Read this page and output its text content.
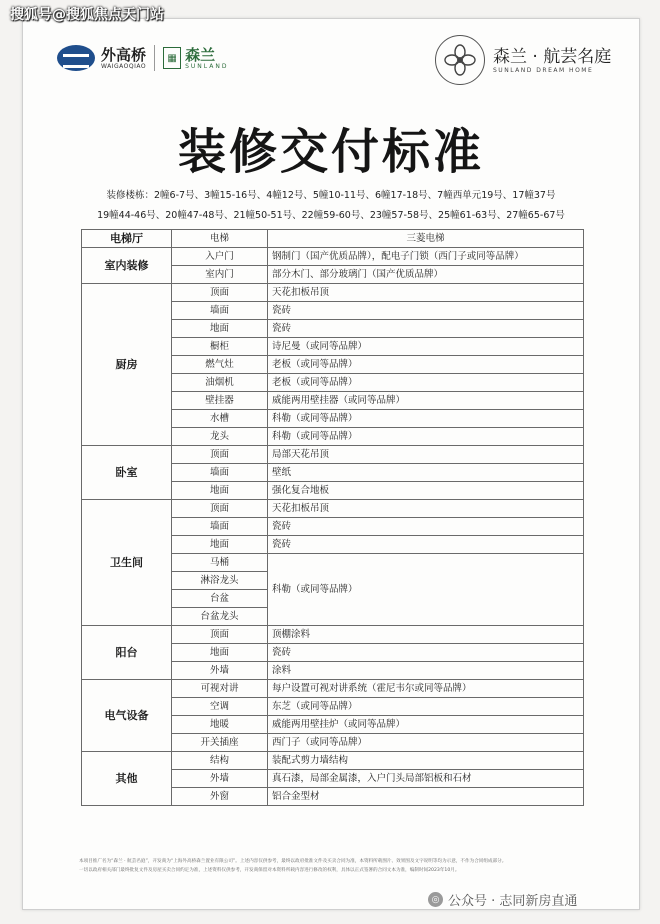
搜狐号@搜狐焦点天门站
外高桥
WAIGAOQIAO
▦ 森兰
SUNLAND	森兰 · 航芸名庭
SUNLAND DREAM HOME
装修交付标准
装修楼栋：2幢6-7号、3幢15-16号、4幢12号、5幢10-11号、6幢17-18号、7幢西单元19号、17幢37号
19幢44-46号、20幢47-48号、21幢50-51号、22幢59-60号、23幢57-58号、25幢61-63号、27幢65-67号
电梯厅	电梯	三菱电梯
室内装修	入户门	钢制门（国产优质品牌），配电子门锁（西门子或同等品牌）
	室内门	部分木门、部分玻璃门（国产优质品牌）
厨房	顶面	天花扣板吊顶
	墙面	瓷砖
	地面	瓷砖
	橱柜	诗尼曼（或同等品牌）
	燃气灶	老板（或同等品牌）
	油烟机	老板（或同等品牌）
	壁挂器	威能两用壁挂器（或同等品牌）
	水槽	科勒（或同等品牌）
	龙头	科勒（或同等品牌）
卧室	顶面	局部天花吊顶
	墙面	壁纸
	地面	强化复合地板
卫生间	顶面	天花扣板吊顶
	墙面	瓷砖
	地面	瓷砖
	马桶	科勒（或同等品牌）
	淋浴龙头	
	台盆	
	台盆龙头	
阳台	顶面	顶棚涂料
	地面	瓷砖
	外墙	涂料
电气设备	可视对讲	每户设置可视对讲系统（霍尼韦尔或同等品牌）
	空调	东芝（或同等品牌）
	地暖	威能两用壁挂炉（或同等品牌）
	开关插座	西门子（或同等品牌）
其他	结构	装配式剪力墙结构
	外墙	真石漆，局部金属漆，入户门头局部铝板和石材
	外窗	铝合金型材
本项目推广名为“森兰 · 航芸名庭”，开发商为“上海外高桥森兰置业有限公司”。上述内容仅供参考，最终以政府批准文件及买卖合同为准，本资料所载图片、效果图及文字说明等均为示意，不作为合同组成部分。
一切以政府相关部门最终批复文件及房屋买卖合同约定为准，上述资料仅供参考，开发商保留对本资料所载内容进行修改的权利，具体以正式签署的合同文本为准，编制时间2023年10月。
◎ 公众号 · 志同新房直通
